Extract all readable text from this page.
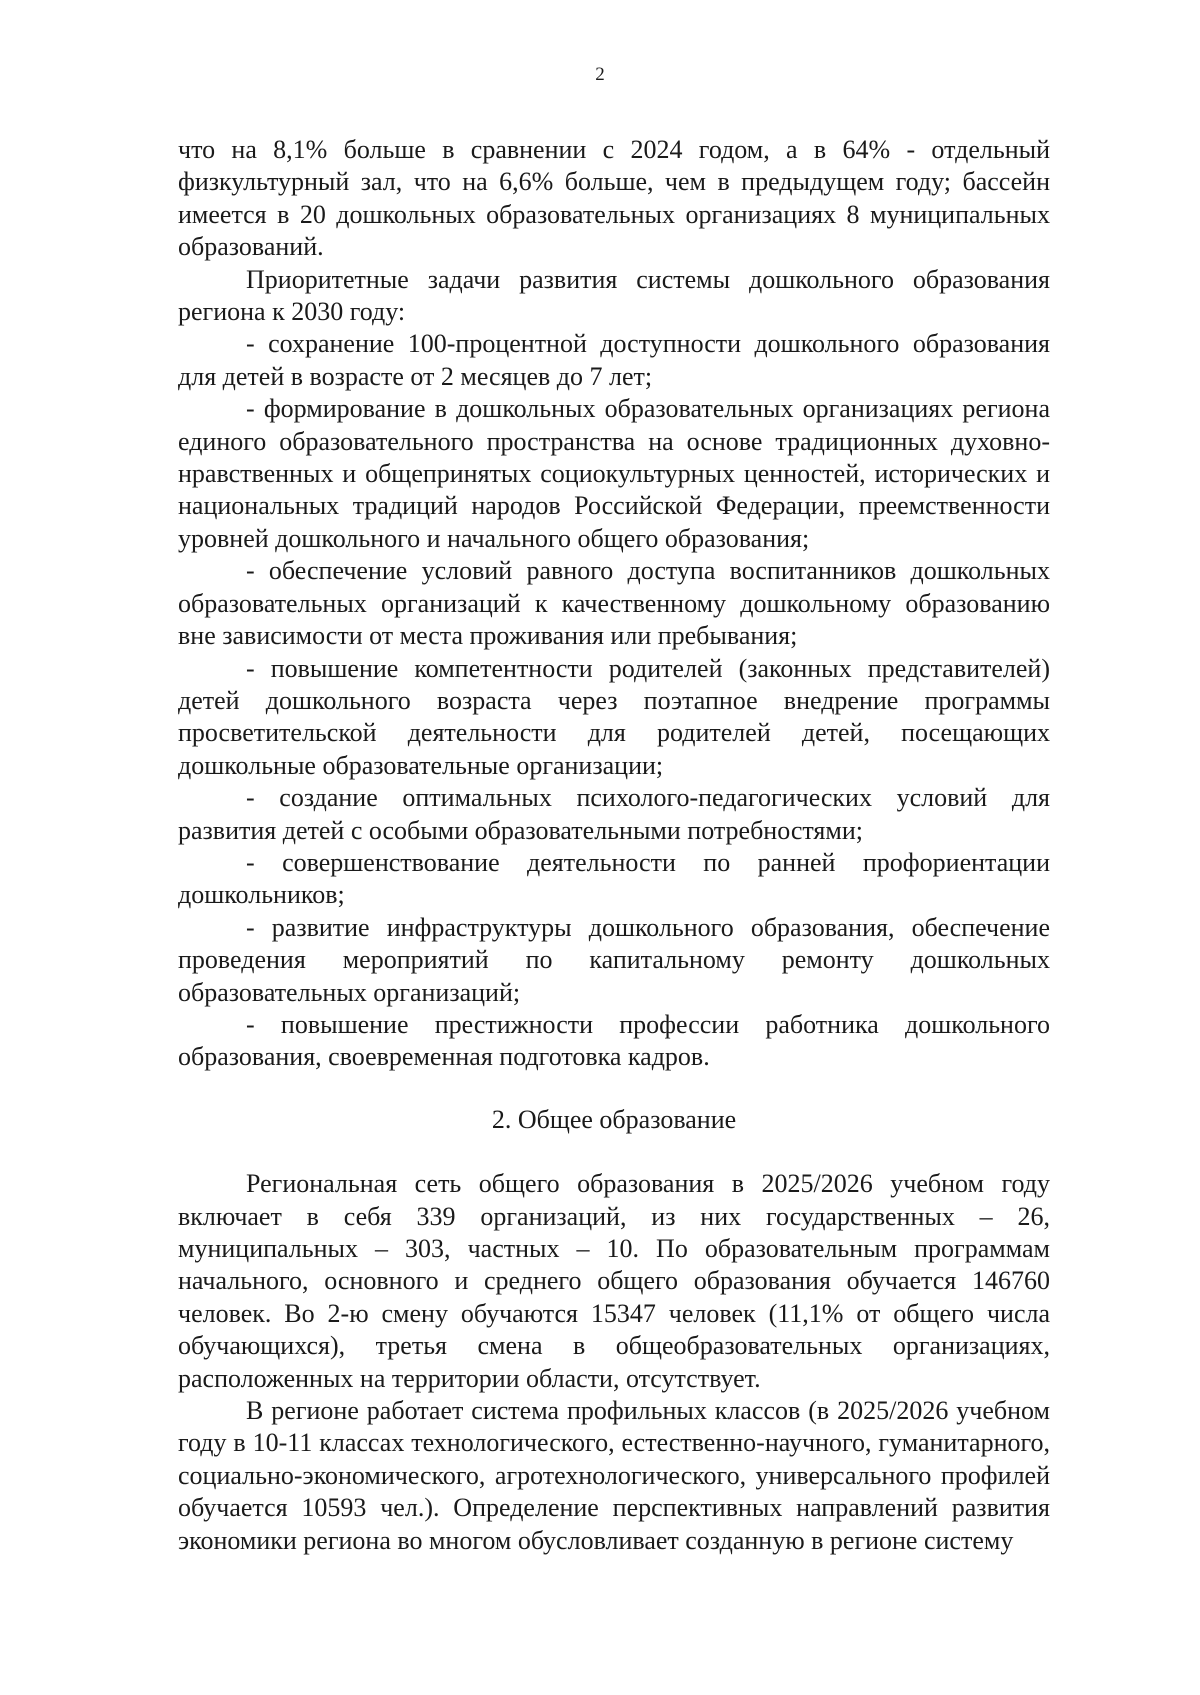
2

что на 8,1% больше в сравнении с 2024 годом, а в 64% - отдельный физкультурный зал, что на 6,6% больше, чем в предыдущем году; бассейн имеется в 20 дошкольных образовательных организациях 8 муниципальных образований.

Приоритетные задачи развития системы дошкольного образования региона к 2030 году:

- сохранение 100-процентной доступности дошкольного образования для детей в возрасте от 2 месяцев до 7 лет;

- формирование в дошкольных образовательных организациях региона единого образовательного пространства на основе традиционных духовно-нравственных и общепринятых социокультурных ценностей, исторических и национальных традиций народов Российской Федерации, преемственности уровней дошкольного и начального общего образования;

- обеспечение условий равного доступа воспитанников дошкольных образовательных организаций к качественному дошкольному образованию вне зависимости от места проживания или пребывания;

- повышение компетентности родителей (законных представителей) детей дошкольного возраста через поэтапное внедрение программы просветительской деятельности для родителей детей, посещающих дошкольные образовательные организации;

- создание оптимальных психолого-педагогических условий для развития детей с особыми образовательными потребностями;

- совершенствование деятельности по ранней профориентации дошкольников;

- развитие инфраструктуры дошкольного образования, обеспечение проведения мероприятий по капитальному ремонту дошкольных образовательных организаций;

- повышение престижности профессии работника дошкольного образования, своевременная подготовка кадров.

2. Общее образование

Региональная сеть общего образования в 2025/2026 учебном году включает в себя 339 организаций, из них государственных – 26, муниципальных – 303, частных – 10. По образовательным программам начального, основного и среднего общего образования обучается 146760 человек. Во 2-ю смену обучаются 15347 человек (11,1% от общего числа обучающихся), третья смена в общеобразовательных организациях, расположенных на территории области, отсутствует.

В регионе работает система профильных классов (в 2025/2026 учебном году в 10-11 классах технологического, естественно-научного, гуманитарного, социально-экономического, агротехнологического, универсального профилей обучается 10593 чел.). Определение перспективных направлений развития экономики региона во многом обусловливает созданную в регионе систему
